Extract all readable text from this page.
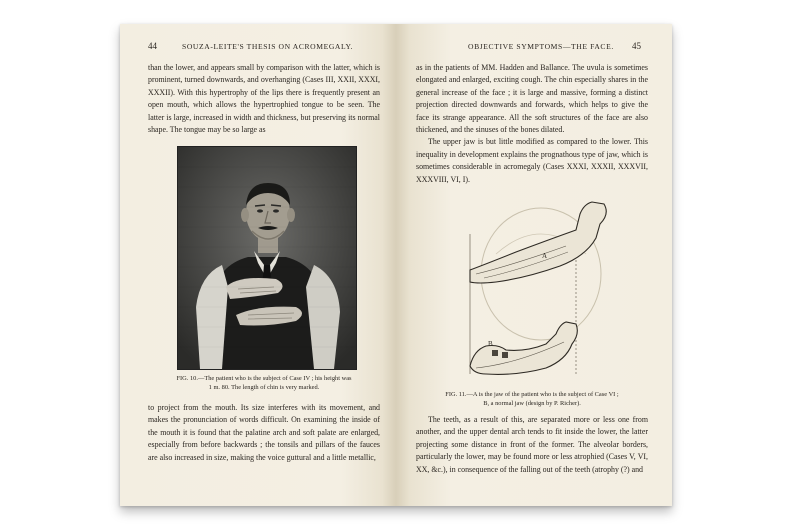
44	SOUZA-LEITE'S THESIS ON ACROMEGALY.

than the lower, and appears small by comparison with the latter, which is prominent, turned downwards, and overhanging (Cases III, XXII, XXXI, XXXII). With this hypertrophy of the lips there is frequently present an open mouth, which allows the hypertrophied tongue to be seen. The latter is large, increased in width and thickness, but preserving its normal shape. The tongue may be so large as

FIG. 10.—The patient who is the subject of Case IV ; his height was
1 m. 80. The length of chin is very marked.

to project from the mouth. Its size interferes with its movement, and makes the pronunciation of words difficult. On examining the inside of the mouth it is found that the palatine arch and soft palate are enlarged, especially from before backwards ; the tonsils and pillars of the fauces are also increased in size, making the voice guttural and a little metallic,

OBJECTIVE SYMPTOMS—THE FACE. 45

as in the patients of MM. Hadden and Ballance. The uvula is sometimes elongated and enlarged, exciting cough. The chin especially shares in the general increase of the face ; it is large and massive, forming a distinct projection directed downwards and forwards, which helps to give the face its strange appearance. All the soft structures of the face are also thickened, and the sinuses of the bones dilated.

The upper jaw is but little modified as compared to the lower. This inequality in development explains the prognathous type of jaw, which is sometimes considerable in acromegaly (Cases XXXI, XXXII, XXXVII, XXXVIII, VI, I).

A
B
FIG. 11.—A is the jaw of the patient who is the subject of Case VI ;
B, a normal jaw (design by P. Richer).

The teeth, as a result of this, are separated more or less one from another, and the upper dental arch tends to fit inside the lower, the latter projecting some distance in front of the former. The alveolar borders, particularly the lower, may be found more or less atrophied (Cases V, VI, XX, &c.), in consequence of the falling out of the teeth (atrophy (?) and
